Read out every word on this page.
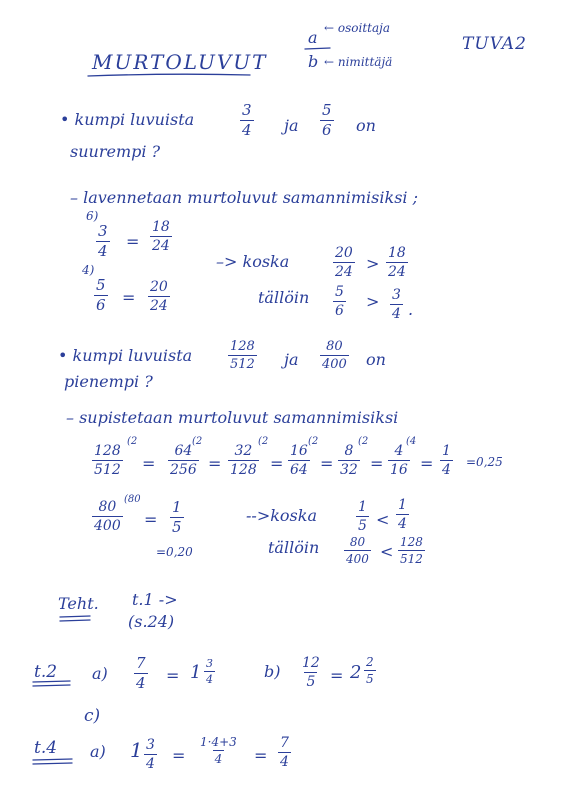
MURTOLUVUT
a ← osoittaja
b ← nimittäjä
TUVA2
• kumpi luvuista	$\frac{3}{4}$ ja $\frac{5}{6}$ on
suurempi ?
– lavennetaan murtoluvut samannimisiksi ;
6)
$\frac{3}{4} = \frac{18}{24}$
4)
$\frac{5}{6} = \frac{20}{24}$
–> koska	$\frac{20}{24} > \frac{18}{24}$
tällöin $\frac{5}{6} > \frac{3}{4}$ .
• kumpi luvuista	$\frac{128}{512}$ ja $\frac{80}{400}$ on
pienempi ?
– supistetaan murtoluvut samannimisiksi
$\frac{128}{512}$
(2
= $\frac{64}{256}$
(2
= $\frac{32}{128}$
(2
= $\frac{16}{64}$
(2
= $\frac{8}{32}$
(2
= $\frac{4}{16}$
(4
= $\frac{1}{4} =0,25$
$\frac{80}{400}$
(80
= $\frac{1}{5}$
=0,20
-->koska	$\frac{1}{5} < \frac{1}{4}$
tällöin $\frac{80}{400} < \frac{128}{512}$
Teht. t.1 ->
(s.24)
t.2 $a) \frac{7}{4} = 1 \frac{3}{4}$	$b) \frac{12}{5} = 2 \frac{2}{5}$
c)
t.4 a) $1 \frac{3}{4} = \frac{1\cdot 4+3}{4} = \frac{7}{4}$
